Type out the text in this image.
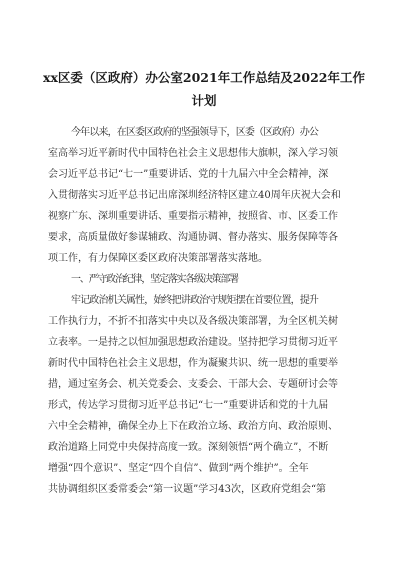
xx区委（区政府）办公室2021年工作总结及2022年工作
计划
今年以来，在区委区政府的坚强领导下，区委（区政府）办公
室高举习近平新时代中国特色社会主义思想伟大旗帜，深入学习领
会习近平总书记“七一”重要讲话、党的十九届六中全会精神，深
入贯彻落实习近平总书记出席深圳经济特区建立40周年庆祝大会和
视察广东、深圳重要讲话、重要指示精神，按照省、市、区委工作
要求，高质量做好参谋辅政、沟通协调、督办落实、服务保障等各
项工作，有力保障区委区政府决策部署落实落地。
一、严守政治纪律，坚定落实各级决策部署
牢记政治机关属性，始终把讲政治守规矩摆在首要位置，提升
工作执行力，不折不扣落实中央以及各级决策部署，为全区机关树
立表率。一是持之以恒加强思想政治建设。坚持把学习贯彻习近平
新时代中国特色社会主义思想，作为凝聚共识、统一思想的重要举
措，通过室务会、机关党委会、支委会、干部大会、专题研讨会等
形式，传达学习贯彻习近平总书记“七一”重要讲话和党的十九届
六中全会精神，确保全办上下在政治立场、政治方向、政治原则、
政治道路上同党中央保持高度一致。深刻领悟“两个确立”，不断
增强“四个意识”、坚定“四个自信”、做到“两个维护”。全年
共协调组织区委常委会“第一议题”学习43次，区政府党组会“第
